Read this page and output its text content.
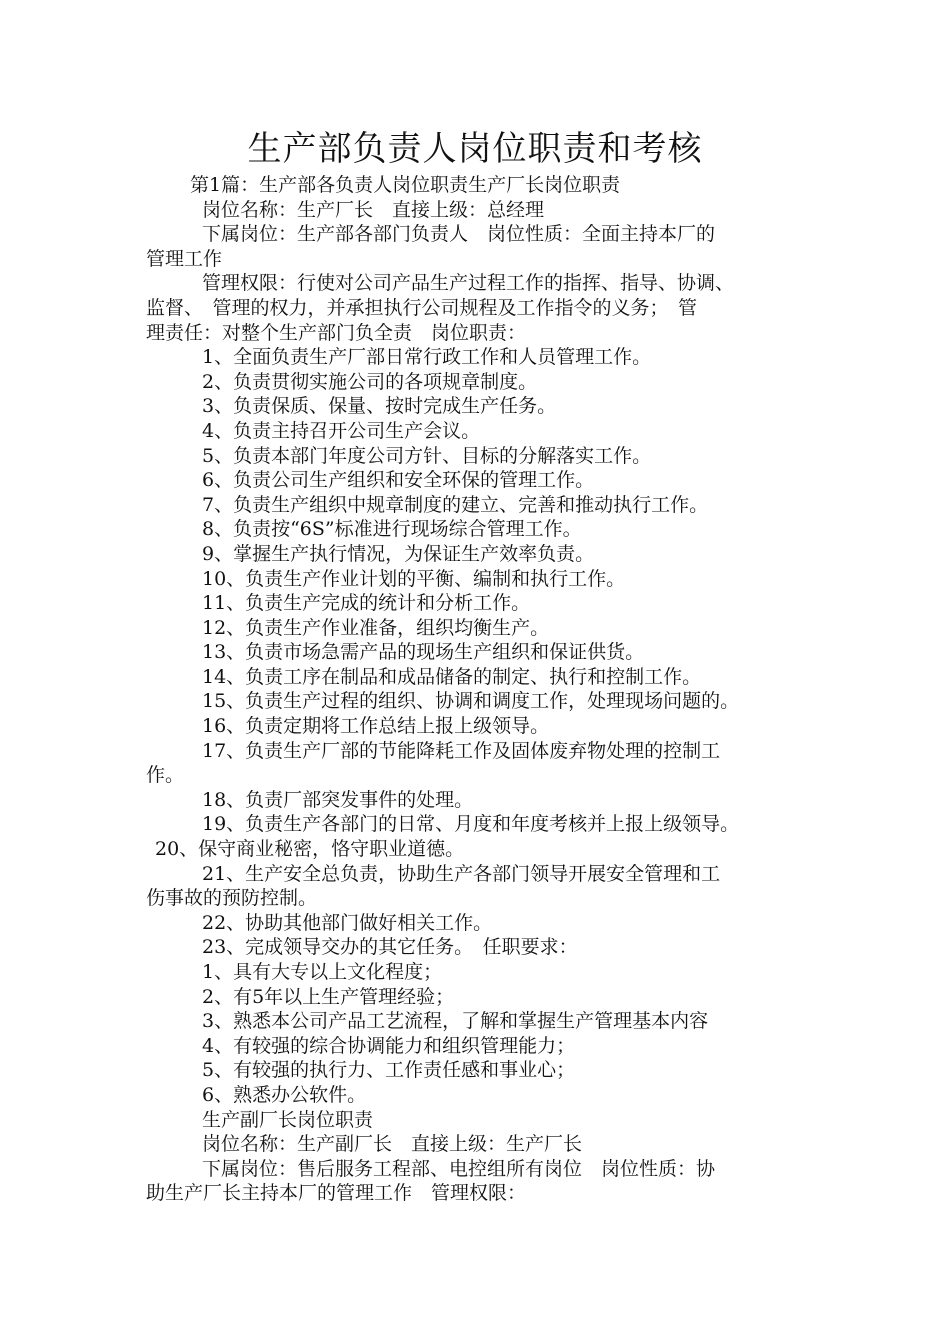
生产部负责人岗位职责和考核
第1篇：生产部各负责人岗位职责生产厂长岗位职责
岗位名称：生产厂长　直接上级：总经理
下属岗位：生产部各部门负责人　岗位性质：全面主持本厂的
管理工作
管理权限：行使对公司产品生产过程工作的指挥、指导、协调、
监督、　管理的权力，并承担执行公司规程及工作指令的义务；　管
理责任：对整个生产部门负全责　岗位职责：
1、全面负责生产厂部日常行政工作和人员管理工作。
2、负责贯彻实施公司的各项规章制度。
3、负责保质、保量、按时完成生产任务。
4、负责主持召开公司生产会议。
5、负责本部门年度公司方针、目标的分解落实工作。
6、负责公司生产组织和安全环保的管理工作。
7、负责生产组织中规章制度的建立、完善和推动执行工作。
8、负责按“6S”标准进行现场综合管理工作。
9、掌握生产执行情况，为保证生产效率负责。
10、负责生产作业计划的平衡、编制和执行工作。
11、负责生产完成的统计和分析工作。
12、负责生产作业准备，组织均衡生产。
13、负责市场急需产品的现场生产组织和保证供货。
14、负责工序在制品和成品储备的制定、执行和控制工作。
15、负责生产过程的组织、协调和调度工作，处理现场问题的。
16、负责定期将工作总结上报上级领导。
17、负责生产厂部的节能降耗工作及固体废弃物处理的控制工
作。
18、负责厂部突发事件的处理。
19、负责生产各部门的日常、月度和年度考核并上报上级领导。
20、保守商业秘密，恪守职业道德。
21、生产安全总负责，协助生产各部门领导开展安全管理和工
伤事故的预防控制。
22、协助其他部门做好相关工作。
23、完成领导交办的其它任务。　任职要求：
1、具有大专以上文化程度；
2、有5年以上生产管理经验；
3、熟悉本公司产品工艺流程，了解和掌握生产管理基本内容
4、有较强的综合协调能力和组织管理能力；
5、有较强的执行力、工作责任感和事业心；
6、熟悉办公软件。
生产副厂长岗位职责
岗位名称：生产副厂长　直接上级：生产厂长
下属岗位：售后服务工程部、电控组所有岗位　岗位性质：协
助生产厂长主持本厂的管理工作　管理权限：
